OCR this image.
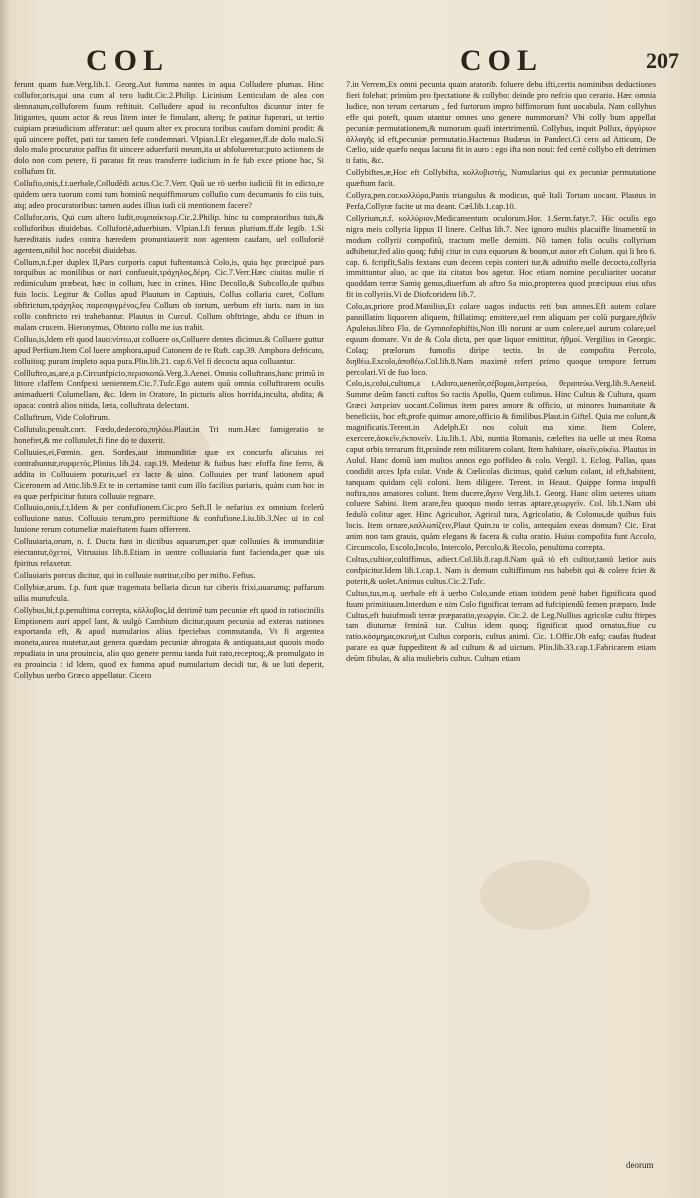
COL	COL	207

ferunt quam fuæ.Verg.lib.1. Georg.Aut fumma nantes in aqua Colludere plumas. Hinc collufor,oris,qui una cum al tero ludit.Cic.2.Philip. Licinium Lenticulam de alea con demnatum,colluforem fuum reftituit. Colludere apud iu reconfultos dicuntur inter fe litigantes, quum actor & reus litem inter fe fimulant, alterq; fe patitur fuperari, ut tertio cuipiam præiudicium afferatur: uel quum alter ex procura toribus caufam domini prodit: & quũ uincere poffet, pati tur tamen fefe condemnari. Vlpian.I.Et eleganter,ff.de dolo malo.Si dolo malo procurator paffus fit uincere aduerfarii meum,ita ut abfolueretur:puto actionem de dolo non com petere, fi paratus fit reus transferre iudicium in fe fub exce ptione hac, Si collufum fit.

Collufio,onis,f.t.uerbale,Colludẽdi actus.Cic.7.Verr. Quũ ue rò uerbo iudiciũ fit in edicto,re quidem uera tuorum comi tum hominũ nequiffimorum collufio cum decumanis fo ciis tuis, atq; adeo procuratoribus: tamen audes illius iudi cii mentionem facere?

Collufor,oris, Qui cum altero ludit,συμπαίκτωρ.Cic.2.Philip. hinc tu compratoribus tuis,& colluforibus diuidebas. Colluforiè,aduerbium. Vlpian.l.fi feruus plurium.ff.de legib. 1.Si hæreditatis iudex contra hæredem pronuntiauerit non agentem caufam, uel colluforiè agentem,nihil hoc nocebit diuidebas.

Collum,n.f.per duplex ll,Pars corporis caput fuftentans:à Colo,is, quia hęc præcipuè pars torquibus ac monilibus or nari confueuit,τράχηλος,δέρη. Cic.7.Verr.Hæc ciuitas mulie ri redimiculum præbeat, hæc in collum, hæc in crines. Hinc Decollo,& Subcollo,de quibus fuis locis. Legitur & Collus apud Plautum in Captiuis, Collus collaria caret, Collum obftrictum,τράχηλος παρεσφιγμένος,feu Collum ob tortum, uerbum eft iuris. nam in ius collo conftricto rei trahebantur. Plautus in Curcul. Collum obftringe, abdu ce iftum in malam crucem. Hieronymus, Obtorto collo me ius trahit.

Colluo,is,ldem eft quod lauo:νίπτω,ut colluere os,Colluere dentes dicimus.& Colluere guttur apud Perfium.Item Col luere amphora,apud Catonem de re Ruft. cap.39. Amphora defricato, colluitoq; puram impleto aqua pura.Plin.lib.21. cap.6.Vel fi decocta aqua colluantur.

Collluftro,as,are,a p.Circunfpicio,περισκοπῶ.Verg.3.Aenei. Omnia colluftrans,hanc primũ in littore claffem Confpexi uenientem.Cic.7.Tufc.Ego autem quũ omnia colluftrarem oculis animaduerti Columellam, &c. Idem in Oratore, In picturis alios horrida,inculta, abdita; & opaca: contrà alios nitida, læta, colluftrata delectant.

Colluftrum, Vide Coloftrum.

Collutulo,penult.corr. Fœdo,dedecoro,πηλόω.Plaut.in Tri num.Hæc famigeratio te honeftet,& me collutulet,fi fine do te duxerit.

Colluuies,ei,Fœmin. gen. Sordes,aut immunditiæ quæ ex concurfu alicuius rei contrahuntur,συρφετὸς.Plinius lib.24. cap.19. Medetur & fuibus hæc efoffa fine ferro, & addita in Colluuiem poturis,uel ex lacte & uino. Colluuies per tranf lationem apud Ciceronem ad Attic.lib.9.Et te in certamine tanti cum illo facilius pariaris, quàm cum hoc in ea quæ perfpicitur futura colluuie regnare.

Colluuio,onis,f.t,Idem & per confufionem.Cic.pro Seft.Il le nefarius ex omnium fcelerũ colluuione natus. Colluuio terum,pro permiftione & confufione.Liu.lib.3.Nec ui in col luuione rerum cotumeliæ maieftatem fuam offerrent.

Colluuiaria,orum, n. f. Ducta funt in dictibus aquarum,per quæ colluuies & immunditiæ eiectantur,ὀχετοί, Vitruuius lib.8.Etiam in uentre colluuiaria funt facienda,per quæ uis fpiritus relaxetur.

Colluuiaris porcus dicitur, qui in colluuie nutritur,cibo per mifto. Feftus.

Collybiæ,arum. f.p. funt quæ tragemata bellaria dicun tur ciberis frixi,uuarumq; paffarum uilia munufcula.

Collybus,bi,f.p.penultima correpta, κόλλυβος,Id detrimẽ tum pecuniæ eft quod in ratiocinilis Emptionem auri appel lant, & uulgò Cambium dicitur,quum pecunia ad exteras nationes exportanda eft, & apud numularios alius fpeciebus commutanda, Vt fi argentea moneta,aurea mutetur,aut genera quædam pecuniæ abrogata & antiquata,aut quouis modo repudiata in una prouincia, alio quo genere permu tanda fuit rato,receptoq;,& promulgato in ea prouincia : id ldem, quod ex fumma apud numularium decidi tur, & ue luti deperit, Collybus uerbo Græco appellatur. Cicero

7.in Verrem,Ex omni pecunia quam aratorib. foluere debu ifti,certis nominibus deductiones fieri folebat: primùm pro fpectatione & collybo: deinde pro nefcio quo cerario. Hæc omnia Iudice, non terum certarum , fed furtorum impro biffimorum funt uocabula. Nam collybus effe qui poteft, quum utantur omnes uno genere nummorum? Vbi colly bum appellat pecuniæ permutationem,& numorum quafi intertrimentũ. Collybus, inquit Pollux, ἀργύριον ἀλλαγῆς id eft,pecuniæ permutatio.Hactenus Budæus in Pandect.Ci cero ad Atticum, De Cælio, uide quæfo nequa lacuna fit in auro : ego ifta non noui: fed certè collybo eft detrimen ti fatis, &c.

Collybiftes,æ,Hoc eft Collybifta, κολλυβιστής, Numularius qui ex pecuniæ permutatione quæftum facit.

Collyra,pen.cor.κολλύρα,Panis triangulus & modicus, quẽ Itali Tortam uocant. Plautus in Perfa,Collyræ facite ut ma deant. Cæl.lib.1.cap.10.

Collyrium,n.f. κολλύριον,Medicamentum oculorum.Hor. 1.Serm.fatyr.7. Hic oculis ego nigra meis collyria lippus Il linere. Celfus lib.7. Nec ignoro multis placuiffe linamentũ in modum collyrii compofitũ, tractum melle demitti. Nõ tamen folis oculis collyrium adhibetur,fed alio quoq; fubij citur in cura equorum & boum,ut autor eft Colum. qui li bro 6. cap. 6. fcripfit,Salis fextans cum decem cepis conteri tur,& admifto melle decocto,collyria immittuntur aluo, ac que ita citatus bos agetur. Hoc etiam nomine peculiariter uocatur quoddam terræ Samię genus,diuerfum ab aftro Sa mio,propterea quod præcipuus eius ufus fit in collyriis.Vi de Diofcoridem lib.7.

Colo,as,priore prod.Manilius,Et colare uagos inductis reti bus amnes.Eft autem colare pannillatim liquorem aliquem, ftillatimq; emittere,uel rem aliquam per colũ purgare,ἠθεῖν Apuleius.libro Flo. de Gymnofophiftis,Non illi norunt ar uum colere,uel aurum colare,uel equum domare. Vn de & Cola dicta, per quæ liquor emittitur, ἠθμοί. Vergilius in Georgic. Colaq; prælorum fumofis diripe tectis. In de compofita Percolo, διηθέω.Excolo,ἀποθέω.Col.lib.8.Nam maximè refert primo quoque tempore ferrum percolari.Vi de fuo loco.

Colo,is,colui,cultum,a t.Adoro,uenerõr,σέβομαι,λατρεύω, θεραπεύω.Verg.lib.9.Aeneid. Summe deũm fancti cuftos So ractis Apollo, Quem colimus. Hinc Cultus & Cultura, quam Græci λατρείαν uocant.Colimus item pares amore & officio, ut minores humanitate & beneficiis, hoc eft,profe quimur amore,officio & fimilibus.Plaut.in Giftel. Quia me colunt,& magnificatis.Terent.in Adelph.Et nos coluit ma xime. Item Colere, exercere,ἀσκεῖν,ἐκπονεῖν. Liu.lib.1. Abi, nuntia Romanis, cæleftes ita uelle ut mea Roma caput orbis terrarum fit,proinde rem militarem colant. Item habitare, οἰκεῖν,οἰκέω. Plautus in Aulul. Hanc domũ iam multos annos ego poffideo & colo. Vergil. 1. Eclog. Pallas, quas condidit arces Ipfa colat. Vnde & Cœlicolas dicimus, quòd cælum colant, id eft,habitent, tanquam quidam cęli coloni. Item diligere. Terent. in Heaut. Quippe forma impulfi noftra,nos amatores colunt. Item ducere,ἄγειν Verg.lib.1. Georg. Hanc olim ueteres uitam coluere Sabini. Item arare,feu quoquo modo terras aptare,γεωργεῖν. Col. lib.1.Nam ubi fedulò colitur ager. Hinc Agricultor, Agricul tura, Agricolatio, & Colonus,de quibus fuis locis. Item ornare,καλλωπίζειν,Plaut Quin.tu te colis, antequàm exeas domum? Cic. Erat anim non tam grauis, quàm elegans & faceta & culta oratio. Huius compofita funt Accolo, Circumcolo, Excolo,Incolo, Intercolo, Percolo,& Recolo, penultima correpta.

Coltus,cultior,cultiffimus, adiect.Col.lib.8.cap.8.Nam quã tò eft cultior,tantò lætior auis confpicitur.Idem lib.1.cap.1. Nam is demum cultiffimum rus habebit qui & colere fciet & poterit,& uolet.Animus cultus.Cic.2.Tufc.

Cultus,tus,m.q. uerbale eft à uerbo Colo,unde etiam totidem penè habet fignificata quod fuum primitiuum.Interdum e nim Colo fignificat terram ad fufcipiendũ femen præparo. Inde Cultus,eft huiufmodi terræ præparatio,γεωργία. Cic.2. de Leg.Nullius agricolæ cultu ftirpes tam diuturnæ feminã tur. Cultus idem quoq; fignificat quod ornatus,fiue cu ratio.κόσμημα,σκευή,ut Cultus corporis, cultus animi. Cic. 1.Offic.Ob eafq; caufas ftudeat parare ea quæ fuppeditent & ad cultum & ad uictum. Plin.lib.33.cap.1.Fabricarem etiam deũm fibulas, & alia muliebris cultus. Cultum etiam

deorum
